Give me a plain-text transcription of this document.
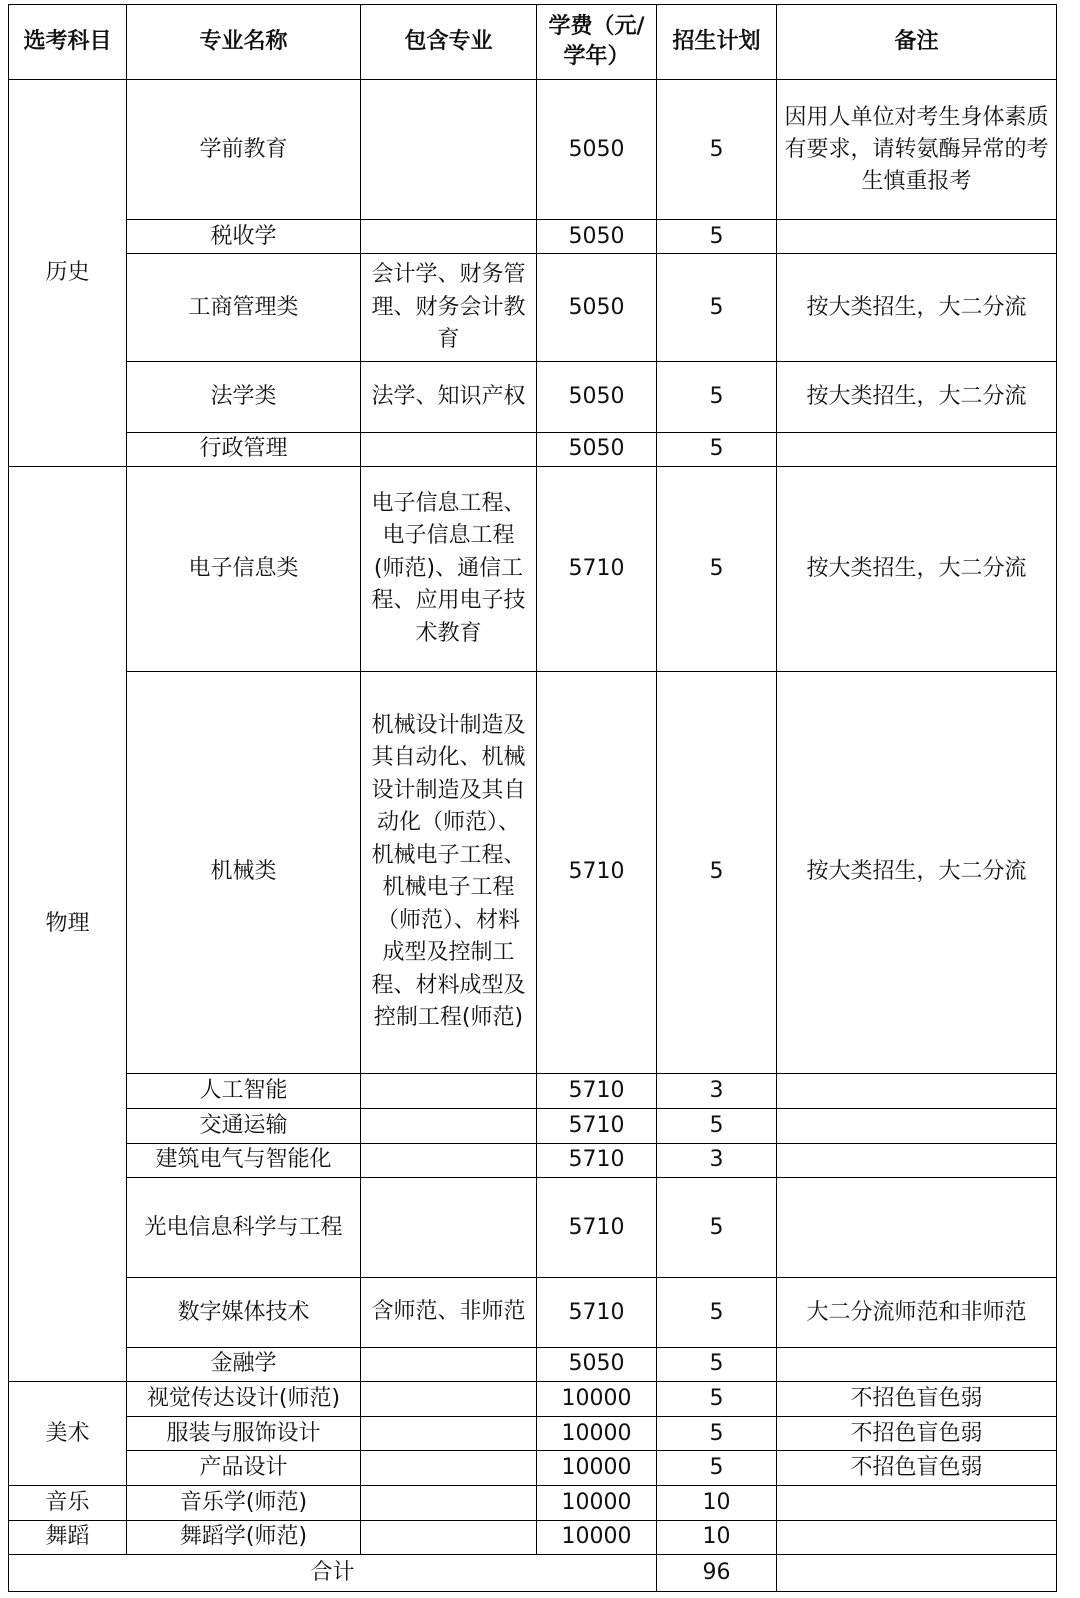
选考科目	专业名称	包含专业	学费（元/学年）	招生计划	备注
历史	学前教育		5050	5	因用人单位对考生身体素质有要求，请转氨酶异常的考生慎重报考
	税收学		5050	5	
	工商管理类	会计学、财务管理、财务会计教育	5050	5	按大类招生，大二分流
	法学类	法学、知识产权	5050	5	按大类招生，大二分流
	行政管理		5050	5	
物理	电子信息类	电子信息工程、电子信息工程(师范)、通信工程、应用电子技术教育	5710	5	按大类招生，大二分流
	机械类	机械设计制造及其自动化、机械设计制造及其自动化（师范）、机械电子工程、机械电子工程（师范）、材料成型及控制工程、材料成型及控制工程(师范)	5710	5	按大类招生，大二分流
	人工智能		5710	3	
	交通运输		5710	5	
	建筑电气与智能化		5710	3	
	光电信息科学与工程		5710	5	
	数字媒体技术	含师范、非师范	5710	5	大二分流师范和非师范
	金融学		5050	5	
美术	视觉传达设计(师范)		10000	5	不招色盲色弱
	服装与服饰设计		10000	5	不招色盲色弱
	产品设计		10000	5	不招色盲色弱
音乐	音乐学(师范)		10000	10	
舞蹈	舞蹈学(师范)		10000	10	
合计				96	
